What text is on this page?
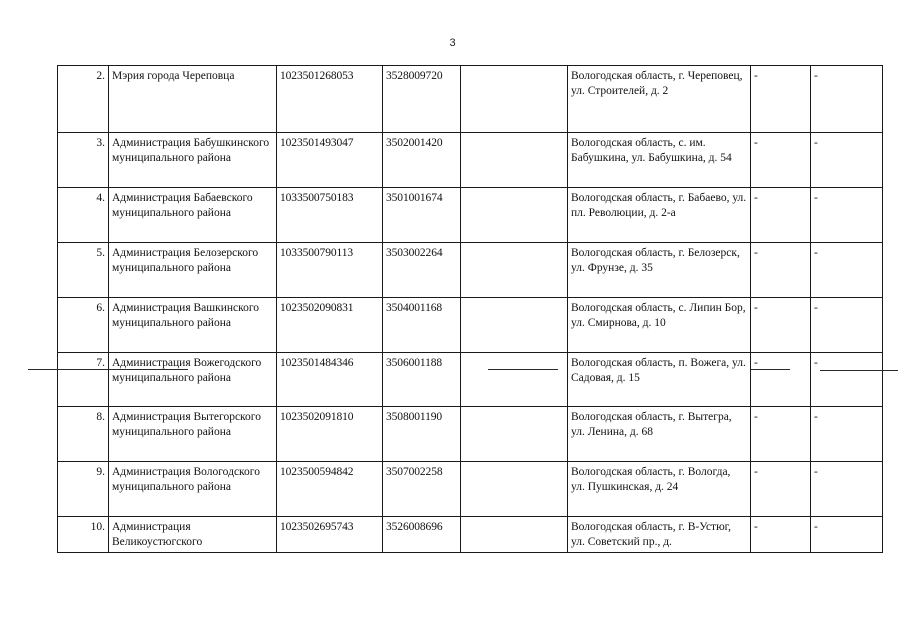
3
2.	Мэрия города Череповца	1023501268053	3528009720		Вологодская область, г. Череповец, ул. Строителей, д. 2	-	-
3.	Администрация Бабушкинского муниципального района	1023501493047	3502001420		Вологодская область, с. им. Бабушкина, ул. Бабушкина, д. 54	-	-
4.	Администрация Бабаевского муниципального района	1033500750183	3501001674		Вологодская область, г. Бабаево, ул. пл. Революции, д. 2-а	-	-
5.	Администрация Белозерского муниципального района	1033500790113	3503002264		Вологодская область, г. Белозерск, ул. Фрунзе, д. 35	-	-
6.	Администрация Вашкинского муниципального района	1023502090831	3504001168		Вологодская область, с. Липин Бор, ул. Смирнова, д. 10	-	-
7.	Администрация Вожегодского муниципального района	1023501484346	3506001188		Вологодская область, п. Вожега, ул. Садовая, д. 15	-	-
8.	Администрация Вытегорского муниципального района	1023502091810	3508001190		Вологодская область, г. Вытегра, ул. Ленина, д. 68	-	-
9.	Администрация Вологодского муниципального района	1023500594842	3507002258		Вологодская область, г. Вологда, ул. Пушкинская, д. 24	-	-
10.	Администрация Великоустюгского	1023502695743	3526008696		Вологодская область, г. В-Устюг, ул. Советский пр., д.	-	-
